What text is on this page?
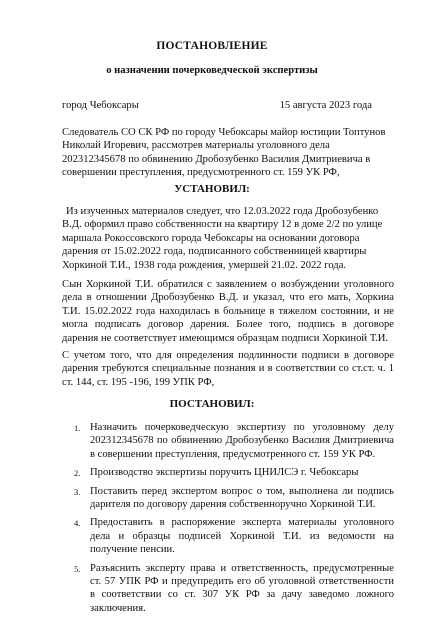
ПОСТАНОВЛЕНИЕ
о назначении почерковедческой экспертизы
город Чебоксары	15 августа 2023 года
Следователь СО СК РФ по городу Чебоксары майор юстиции Топтунов Николай Игоревич, рассмотрев материалы уголовного дела 202312345678 по обвинению Дробозубенко Василия Дмитриевича в совершении преступления, предусмотренного ст. 159 УК РФ,
УСТАНОВИЛ:
Из изученных материалов следует, что 12.03.2022 года Дробозубенко В.Д. оформил право собственности на квартиру 12 в доме 2/2 по улице маршала Рокоссовского города Чебоксары на основании договора дарения от 15.02.2022 года, подписанного собственницей квартиры Хоркиной Т.И., 1938 года рождения, умершей 21.02. 2022 года.
Сын Хоркиной Т.И. обратился с заявлением о возбуждении уголовного дела в отношении Дробозубенко В.Д. и указал, что его мать, Хоркина Т.И. 15.02.2022 года находилась в больнице в тяжелом состоянии, и не могла подписать договор дарения. Более того, подпись в договоре дарения не соответствует имеющимся образцам подписи Хоркиной Т.И.
С учетом того, что для определения подлинности подписи в договоре дарения требуются специальные познания и в соответствии со ст.ст. ч. 1 ст. 144, ст. 195 -196, 199 УПК РФ,
ПОСТАНОВИЛ:
1. Назначить почерковедческую экспертизу по уголовному делу 202312345678 по обвинению Дробозубенко Василия Дмитриевича в совершении преступления, предусмотренного ст. 159 УК РФ.
2. Производство экспертизы поручить ЦНИЛСЭ г. Чебоксары
3. Поставить перед экспертом вопрос о том, выполнена ли подпись дарителя по договору дарения собственноручно Хоркиной Т.И.
4. Предоставить в распоряжение эксперта материалы уголовного дела и образцы подписей Хоркиной Т.И. из ведомости на получение пенсии.
5. Разъяснить эксперту права и ответственность, предусмотренные ст. 57 УПК РФ и предупредить его об уголовной ответственности в соответствии со ст. 307 УК РФ за дачу заведомо ложного заключения.
